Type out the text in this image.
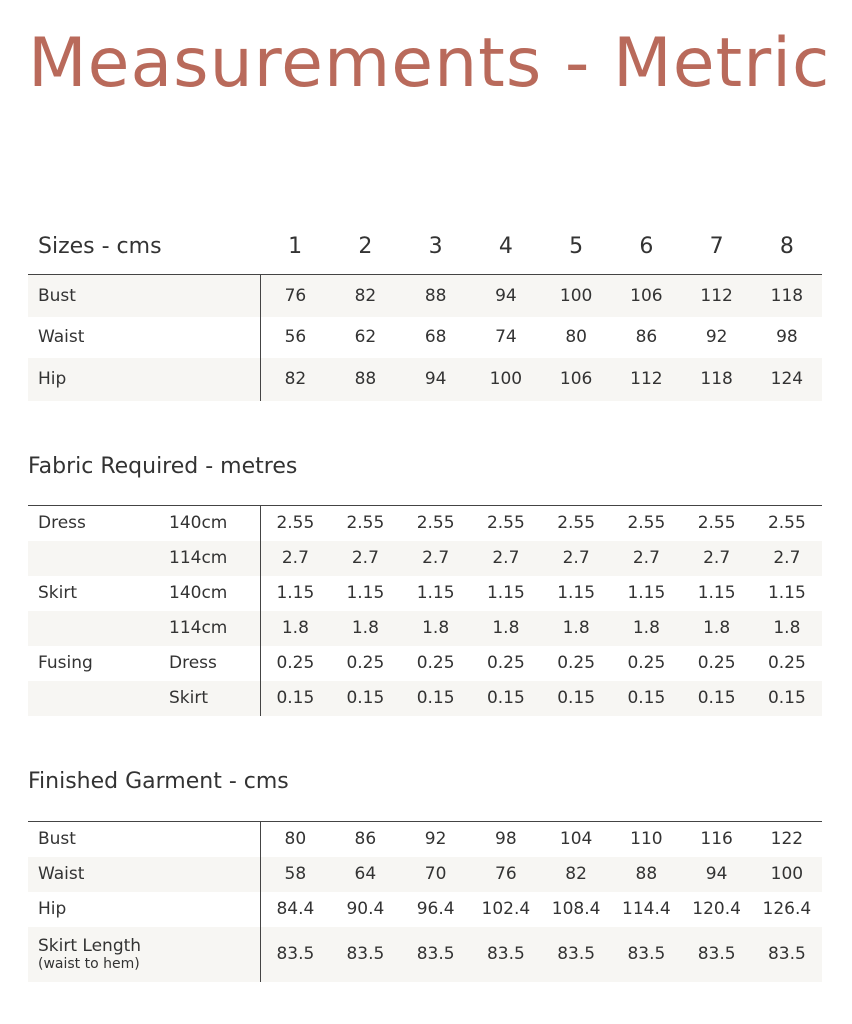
Measurements - Metric
Sizes - cms	1	2	3	4	5	6	7	8
Bust	76	82	88	94	100	106	112	118
Waist	56	62	68	74	80	86	92	98
Hip	82	88	94	100	106	112	118	124
Fabric Required - metres
Dress	140cm	2.55	2.55	2.55	2.55	2.55	2.55	2.55	2.55
	114cm	2.7	2.7	2.7	2.7	2.7	2.7	2.7	2.7
Skirt	140cm	1.15	1.15	1.15	1.15	1.15	1.15	1.15	1.15
	114cm	1.8	1.8	1.8	1.8	1.8	1.8	1.8	1.8
Fusing	Dress	0.25	0.25	0.25	0.25	0.25	0.25	0.25	0.25
	Skirt	0.15	0.15	0.15	0.15	0.15	0.15	0.15	0.15
Finished Garment - cms
Bust	80	86	92	98	104	110	116	122
Waist	58	64	70	76	82	88	94	100
Hip	84.4	90.4	96.4	102.4	108.4	114.4	120.4	126.4
Skirt Length
(waist to hem)	83.5	83.5	83.5	83.5	83.5	83.5	83.5	83.5
